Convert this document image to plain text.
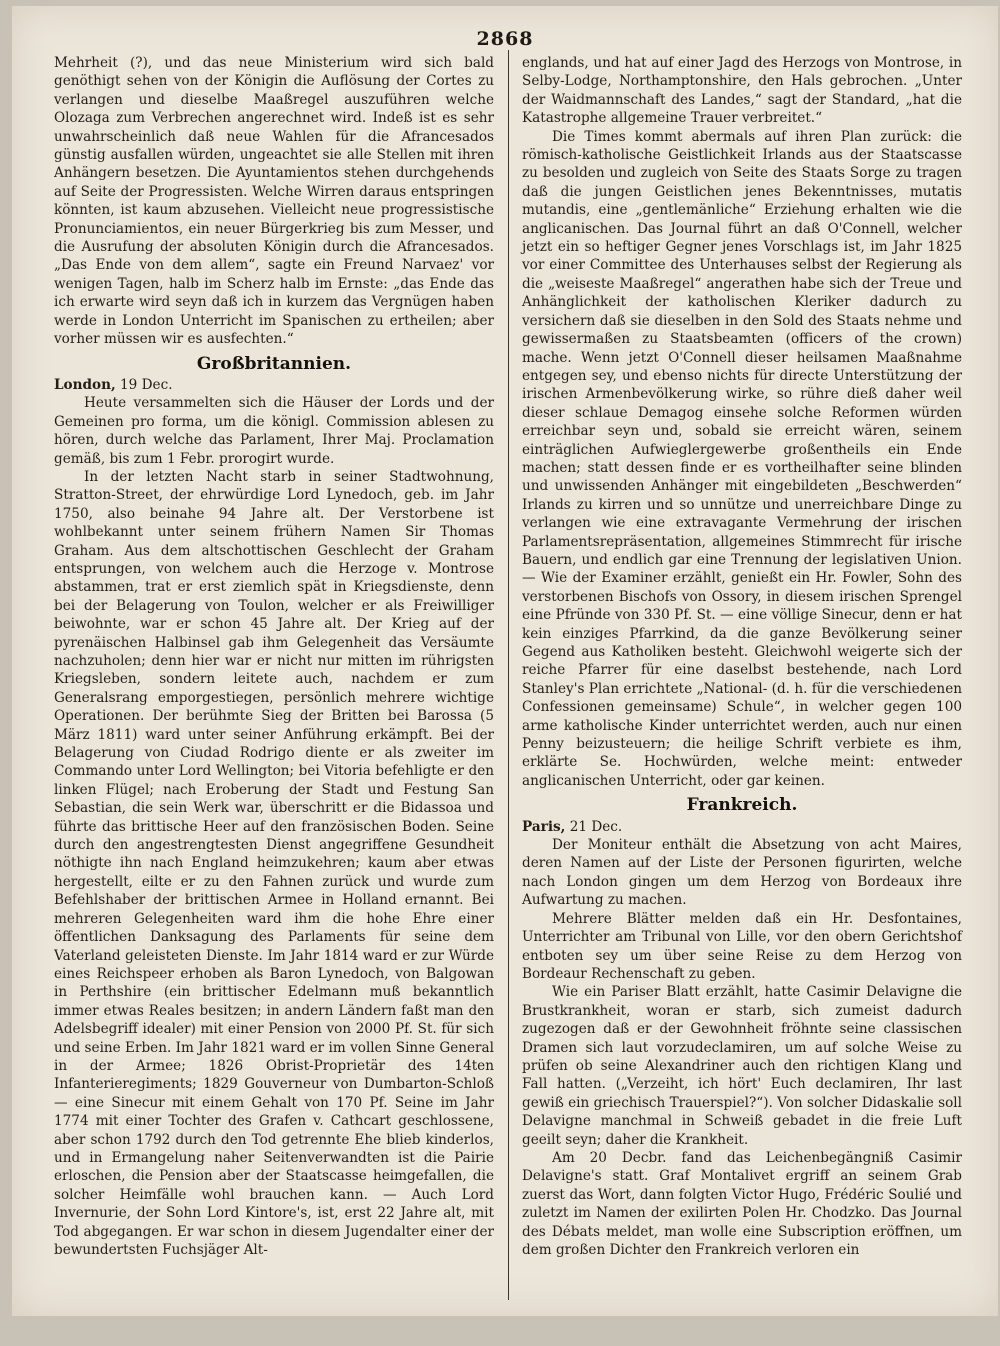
2868

Mehrheit (?), und das neue Ministerium wird sich bald genöthigt sehen von der Königin die Auflösung der Cortes zu verlangen und dieselbe Maaßregel auszuführen welche Olozaga zum Verbrechen angerechnet wird. Indeß ist es sehr unwahrscheinlich daß neue Wahlen für die Afrancesados günstig ausfallen würden, ungeachtet sie alle Stellen mit ihren Anhängern besetzen. Die Ayuntamientos stehen durchgehends auf Seite der Progressisten. Welche Wirren daraus entspringen könnten, ist kaum abzusehen. Vielleicht neue progressistische Pronunciamientos, ein neuer Bürgerkrieg bis zum Messer, und die Ausrufung der absoluten Königin durch die Afrancesados. „Das Ende von dem allem“, sagte ein Freund Narvaez' vor wenigen Tagen, halb im Scherz halb im Ernste: „das Ende das ich erwarte wird seyn daß ich in kurzem das Vergnügen haben werde in London Unterricht im Spanischen zu ertheilen; aber vorher müssen wir es ausfechten.“

Großbritannien.

London, 19 Dec.

Heute versammelten sich die Häuser der Lords und der Gemeinen pro forma, um die königl. Commission ablesen zu hören, durch welche das Parlament, Ihrer Maj. Proclamation gemäß, bis zum 1 Febr. prorogirt wurde.

In der letzten Nacht starb in seiner Stadtwohnung, Stratton-Street, der ehrwürdige Lord Lynedoch, geb. im Jahr 1750, also beinahe 94 Jahre alt. Der Verstorbene ist wohlbekannt unter seinem frühern Namen Sir Thomas Graham. Aus dem altschottischen Geschlecht der Graham entsprungen, von welchem auch die Herzoge v. Montrose abstammen, trat er erst ziemlich spät in Kriegsdienste, denn bei der Belagerung von Toulon, welcher er als Freiwilliger beiwohnte, war er schon 45 Jahre alt. Der Krieg auf der pyrenäischen Halbinsel gab ihm Gelegenheit das Versäumte nachzuholen; denn hier war er nicht nur mitten im rührigsten Kriegsleben, sondern leitete auch, nachdem er zum Generalsrang emporgestiegen, persönlich mehrere wichtige Operationen. Der berühmte Sieg der Britten bei Barossa (5 März 1811) ward unter seiner Anführung erkämpft. Bei der Belagerung von Ciudad Rodrigo diente er als zweiter im Commando unter Lord Wellington; bei Vitoria befehligte er den linken Flügel; nach Eroberung der Stadt und Festung San Sebastian, die sein Werk war, überschritt er die Bidassoa und führte das brittische Heer auf den französischen Boden. Seine durch den angestrengtesten Dienst angegriffene Gesundheit nöthigte ihn nach England heimzukehren; kaum aber etwas hergestellt, eilte er zu den Fahnen zurück und wurde zum Befehlshaber der brittischen Armee in Holland ernannt. Bei mehreren Gelegenheiten ward ihm die hohe Ehre einer öffentlichen Danksagung des Parlaments für seine dem Vaterland geleisteten Dienste. Im Jahr 1814 ward er zur Würde eines Reichspeer erhoben als Baron Lynedoch, von Balgowan in Perthshire (ein brittischer Edelmann muß bekanntlich immer etwas Reales besitzen; in andern Ländern faßt man den Adelsbegriff idealer) mit einer Pension von 2000 Pf. St. für sich und seine Erben. Im Jahr 1821 ward er im vollen Sinne General in der Armee; 1826 Obrist-Proprietär des 14ten Infanterieregiments; 1829 Gouverneur von Dumbarton-Schloß — eine Sinecur mit einem Gehalt von 170 Pf. Seine im Jahr 1774 mit einer Tochter des Grafen v. Cathcart geschlossene, aber schon 1792 durch den Tod getrennte Ehe blieb kinderlos, und in Ermangelung naher Seitenverwandten ist die Pairie erloschen, die Pension aber der Staatscasse heimgefallen, die solcher Heimfälle wohl brauchen kann. — Auch Lord Invernurie, der Sohn Lord Kintore's, ist, erst 22 Jahre alt, mit Tod abgegangen. Er war schon in diesem Jugendalter einer der bewundertsten Fuchsjäger Alt-

englands, und hat auf einer Jagd des Herzogs von Montrose, in Selby-Lodge, Northamptonshire, den Hals gebrochen. „Unter der Waidmannschaft des Landes,“ sagt der Standard, „hat die Katastrophe allgemeine Trauer verbreitet.“

Die Times kommt abermals auf ihren Plan zurück: die römisch-katholische Geistlichkeit Irlands aus der Staatscasse zu besolden und zugleich von Seite des Staats Sorge zu tragen daß die jungen Geistlichen jenes Bekenntnisses, mutatis mutandis, eine „gentlemänliche“ Erziehung erhalten wie die anglicanischen. Das Journal führt an daß O'Connell, welcher jetzt ein so heftiger Gegner jenes Vorschlags ist, im Jahr 1825 vor einer Committee des Unterhauses selbst der Regierung als die „weiseste Maaßregel“ angerathen habe sich der Treue und Anhänglichkeit der katholischen Kleriker dadurch zu versichern daß sie dieselben in den Sold des Staats nehme und gewissermaßen zu Staatsbeamten (officers of the crown) mache. Wenn jetzt O'Connell dieser heilsamen Maaßnahme entgegen sey, und ebenso nichts für directe Unterstützung der irischen Armenbevölkerung wirke, so rühre dieß daher weil dieser schlaue Demagog einsehe solche Reformen würden erreichbar seyn und, sobald sie erreicht wären, seinem einträglichen Aufwieglergewerbe großentheils ein Ende machen; statt dessen finde er es vortheilhafter seine blinden und unwissenden Anhänger mit eingebildeten „Beschwerden“ Irlands zu kirren und so unnütze und unerreichbare Dinge zu verlangen wie eine extravagante Vermehrung der irischen Parlamentsrepräsentation, allgemeines Stimmrecht für irische Bauern, und endlich gar eine Trennung der legislativen Union. — Wie der Examiner erzählt, genießt ein Hr. Fowler, Sohn des verstorbenen Bischofs von Ossory, in diesem irischen Sprengel eine Pfründe von 330 Pf. St. — eine völlige Sinecur, denn er hat kein einziges Pfarrkind, da die ganze Bevölkerung seiner Gegend aus Katholiken besteht. Gleichwohl weigerte sich der reiche Pfarrer für eine daselbst bestehende, nach Lord Stanley's Plan errichtete „National- (d. h. für die verschiedenen Confessionen gemeinsame) Schule“, in welcher gegen 100 arme katholische Kinder unterrichtet werden, auch nur einen Penny beizusteuern; die heilige Schrift verbiete es ihm, erklärte Se. Hochwürden, welche meint: entweder anglicanischen Unterricht, oder gar keinen.

Frankreich.

Paris, 21 Dec.

Der Moniteur enthält die Absetzung von acht Maires, deren Namen auf der Liste der Personen figurirten, welche nach London gingen um dem Herzog von Bordeaux ihre Aufwartung zu machen.

Mehrere Blätter melden daß ein Hr. Desfontaines, Unterrichter am Tribunal von Lille, vor den obern Gerichtshof entboten sey um über seine Reise zu dem Herzog von Bordeaur Rechenschaft zu geben.

Wie ein Pariser Blatt erzählt, hatte Casimir Delavigne die Brustkrankheit, woran er starb, sich zumeist dadurch zugezogen daß er der Gewohnheit fröhnte seine classischen Dramen sich laut vorzudeclamiren, um auf solche Weise zu prüfen ob seine Alexandriner auch den richtigen Klang und Fall hatten. („Verzeiht, ich hört' Euch declamiren, Ihr last gewiß ein griechisch Trauerspiel?“). Von solcher Didaskalie soll Delavigne manchmal in Schweiß gebadet in die freie Luft geeilt seyn; daher die Krankheit.

Am 20 Decbr. fand das Leichenbegängniß Casimir Delavigne's statt. Graf Montalivet ergriff an seinem Grab zuerst das Wort, dann folgten Victor Hugo, Frédéric Soulié und zuletzt im Namen der exilirten Polen Hr. Chodzko. Das Journal des Débats meldet, man wolle eine Subscription eröffnen, um dem großen Dichter den Frankreich verloren ein
